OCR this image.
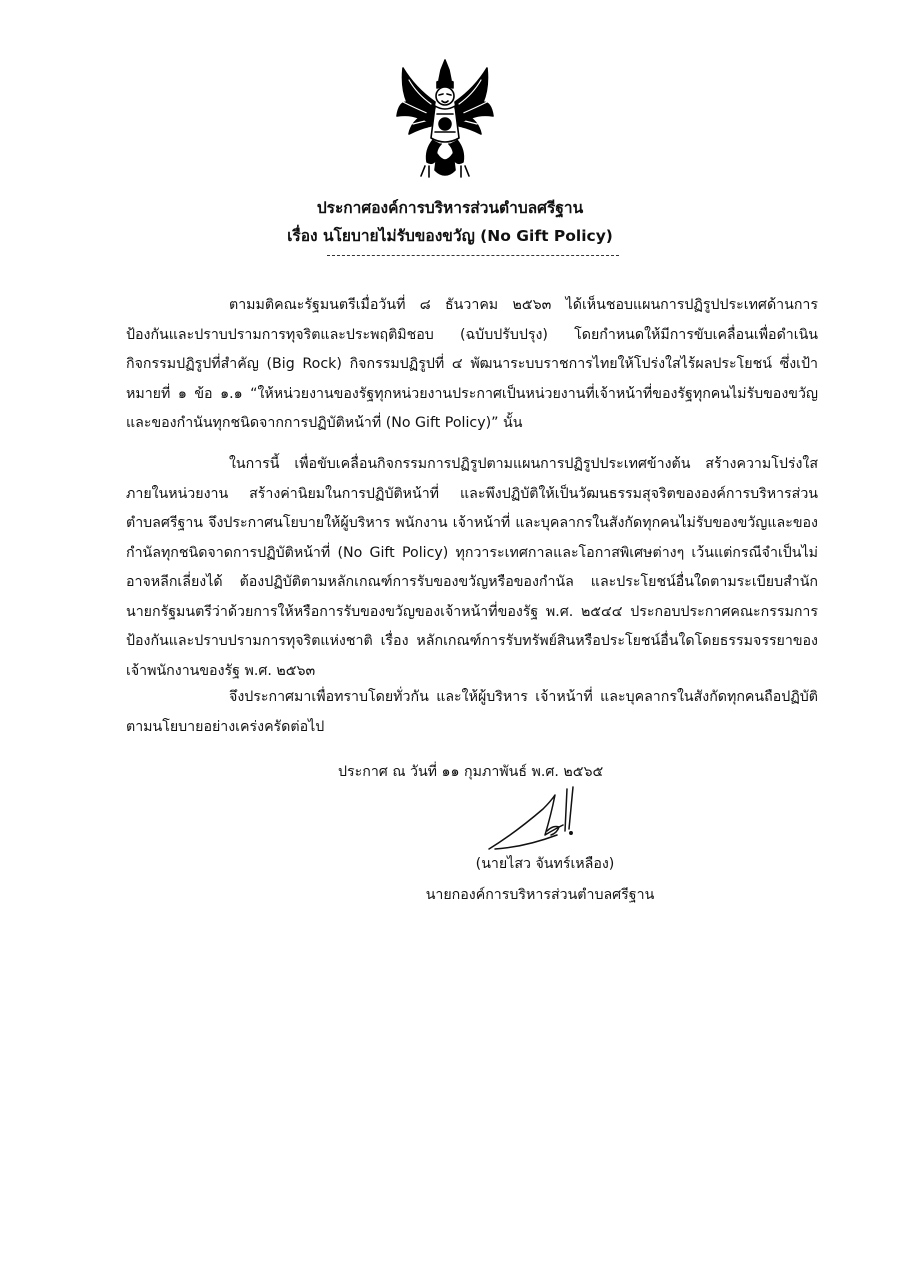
ประกาศองค์การบริหารส่วนตำบลศรีฐาน
เรื่อง นโยบายไม่รับของขวัญ (No Gift Policy)
ตามมติคณะรัฐมนตรีเมื่อวันที่ ๘ ธันวาคม ๒๕๖๓ ได้เห็นชอบแผนการปฏิรูปประเทศด้านการป้องกันและปราบปรามการทุจริตและประพฤติมิชอบ (ฉบับปรับปรุง) โดยกำหนดให้มีการขับเคลื่อนเพื่อดำเนินกิจกรรมปฏิรูปที่สำคัญ (Big Rock) กิจกรรมปฏิรูปที่ ๔ พัฒนาระบบราชการไทยให้โปร่งใสไร้ผลประโยชน์ ซึ่งเป้าหมายที่ ๑ ข้อ ๑.๑ “ให้หน่วยงานของรัฐทุกหน่วยงานประกาศเป็นหน่วยงานที่เจ้าหน้าที่ของรัฐทุกคนไม่รับของขวัญและของกำนันทุกชนิดจากการปฏิบัติหน้าที่ (No Gift Policy)” นั้น
ในการนี้ เพื่อขับเคลื่อนกิจกรรมการปฏิรูปตามแผนการปฏิรูปประเทศข้างต้น สร้างความโปร่งใสภายในหน่วยงาน สร้างค่านิยมในการปฏิบัติหน้าที่ และพึงปฏิบัติให้เป็นวัฒนธรรมสุจริตขององค์การบริหารส่วนตำบลศรีฐาน จึงประกาศนโยบายให้ผู้บริหาร พนักงาน เจ้าหน้าที่ และบุคลากรในสังกัดทุกคนไม่รับของขวัญและของกำนัลทุกชนิดจาดการปฏิบัติหน้าที่ (No Gift Policy) ทุกวาระเทศกาลและโอกาสพิเศษต่างๆ เว้นแต่กรณีจำเป็นไม่อาจหลีกเลี่ยงได้ ต้องปฏิบัติตามหลักเกณฑ์การรับของขวัญหรือของกำนัล และประโยชน์อื่นใดตามระเบียบสำนักนายกรัฐมนตรีว่าด้วยการให้หรือการรับของขวัญของเจ้าหน้าที่ของรัฐ พ.ศ. ๒๕๔๔ ประกอบประกาศคณะกรรมการป้องกันและปราบปรามการทุจริตแห่งชาติ เรื่อง หลักเกณฑ์การรับทรัพย์สินหรือประโยชน์อื่นใดโดยธรรมจรรยาของเจ้าพนักงานของรัฐ พ.ศ. ๒๕๖๓
จึงประกาศมาเพื่อทราบโดยทั่วกัน และให้ผู้บริหาร เจ้าหน้าที่ และบุคลากรในสังกัดทุกคนถือปฏิบัติตามนโยบายอย่างเคร่งครัดต่อไป
ประกาศ ณ วันที่ ๑๑ กุมภาพันธ์ พ.ศ. ๒๕๖๕
(นายไสว จันทร์เหลือง)
นายกองค์การบริหารส่วนตำบลศรีฐาน
